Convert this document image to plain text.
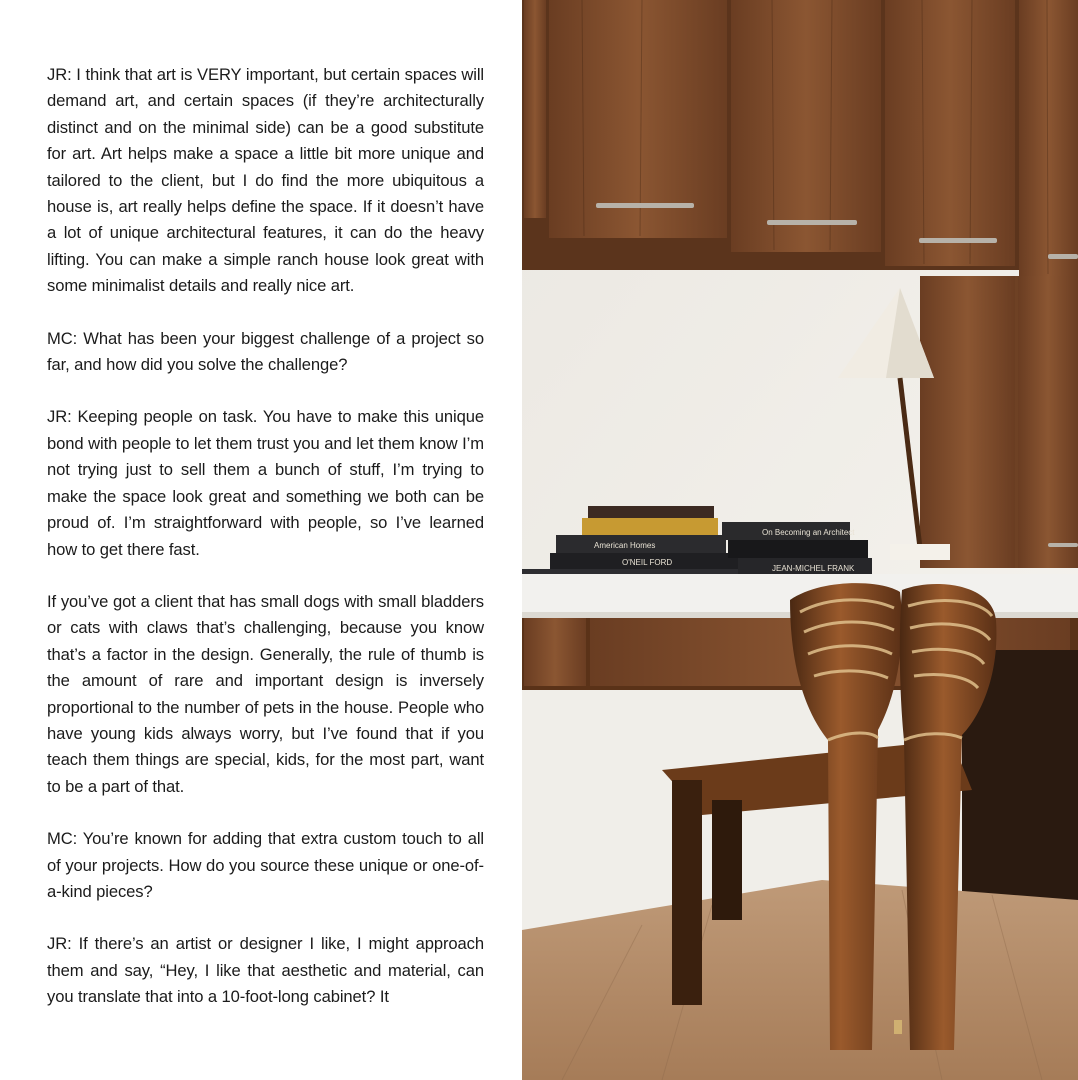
JR: I think that art is VERY important, but certain spaces will demand art, and certain spaces (if they’re architecturally distinct and on the minimal side) can be a good substitute for art. Art helps make a space a little bit more unique and tailored to the client, but I do find the more ubiquitous a house is, art really helps define the space. If it doesn’t have a lot of unique architectural features, it can do the heavy lifting. You can make a simple ranch house look great with some minimalist details and really nice art.

MC: What has been your biggest challenge of a project so far, and how did you solve the challenge?

JR: Keeping people on task. You have to make this unique bond with people to let them trust you and let them know I’m not trying just to sell them a bunch of stuff, I’m trying to make the space look great and something we both can be proud of. I’m straightforward with people, so I’ve learned how to get there fast.

If you’ve got a client that has small dogs with small bladders or cats with claws that’s challenging, because you know that’s a factor in the design. Generally, the rule of thumb is the amount of rare and important design is inversely proportional to the number of pets in the house. People who have young kids always worry, but I’ve found that if you teach them things are special, kids, for the most part, want to be a part of that.

MC: You’re known for adding that extra custom touch to all of your projects. How do you source these unique or one-of-a-kind pieces?

JR: If there’s an artist or designer I like, I might approach them and say, “Hey, I like that aesthetic and material, can you translate that into a 10-foot-long cabinet? It

American Homes
O'NEIL FORD
On Becoming an Architect
JEAN-MICHEL FRANK
